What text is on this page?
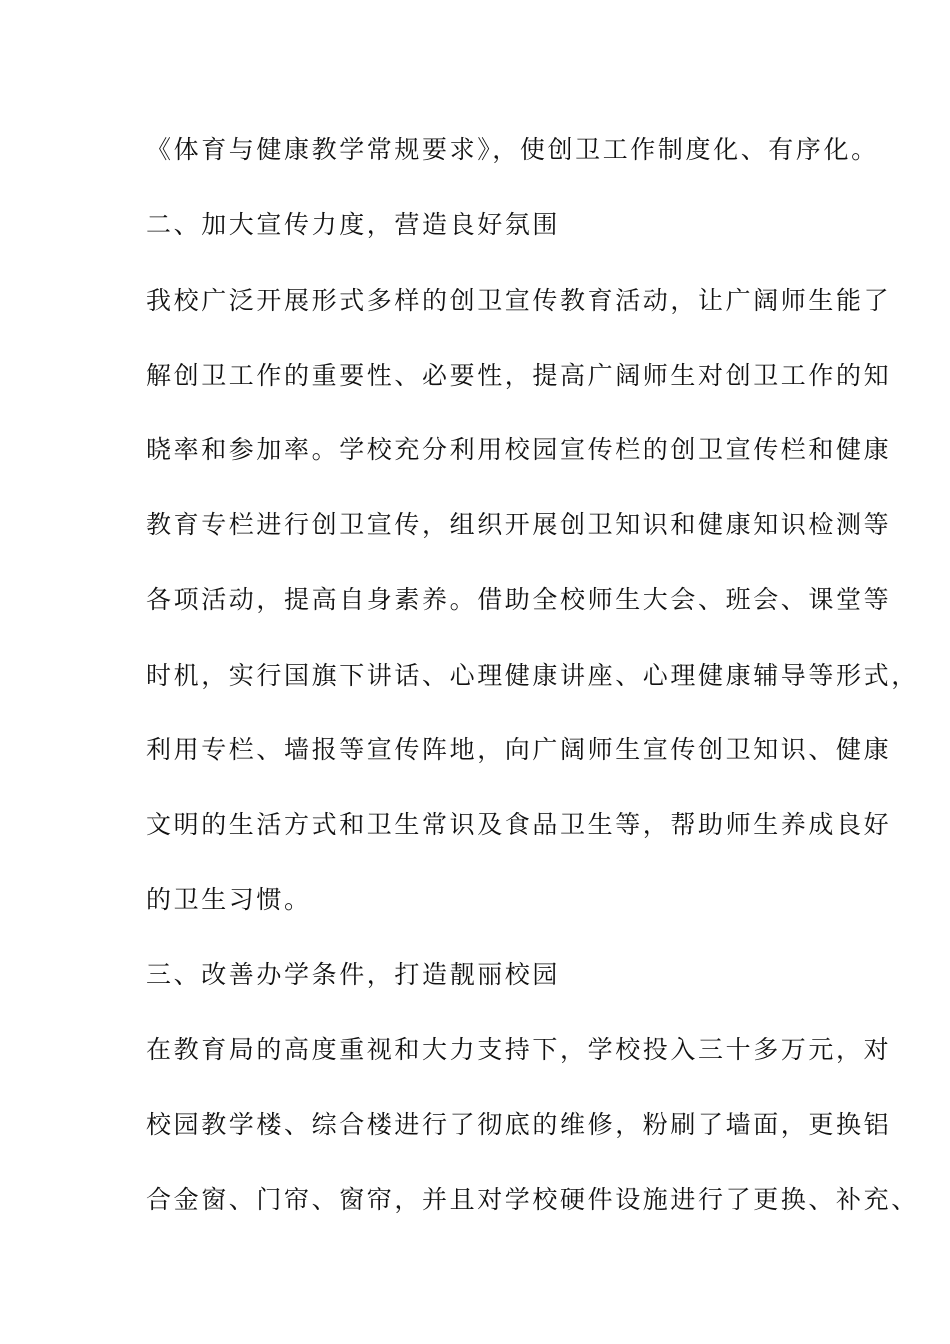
《体育与健康教学常规要求》，使创卫工作制度化、有序化。
二、加大宣传力度，营造良好氛围
我校广泛开展形式多样的创卫宣传教育活动，让广阔师生能了
解创卫工作的重要性、必要性，提高广阔师生对创卫工作的知
晓率和参加率。学校充分利用校园宣传栏的创卫宣传栏和健康
教育专栏进行创卫宣传，组织开展创卫知识和健康知识检测等
各项活动，提高自身素养。借助全校师生大会、班会、课堂等
时机，实行国旗下讲话、心理健康讲座、心理健康辅导等形式，
利用专栏、墙报等宣传阵地，向广阔师生宣传创卫知识、健康
文明的生活方式和卫生常识及食品卫生等，帮助师生养成良好
的卫生习惯。
三、改善办学条件，打造靓丽校园
在教育局的高度重视和大力支持下，学校投入三十多万元，对
校园教学楼、综合楼进行了彻底的维修，粉刷了墙面，更换铝
合金窗、门帘、窗帘，并且对学校硬件设施进行了更换、补充、
